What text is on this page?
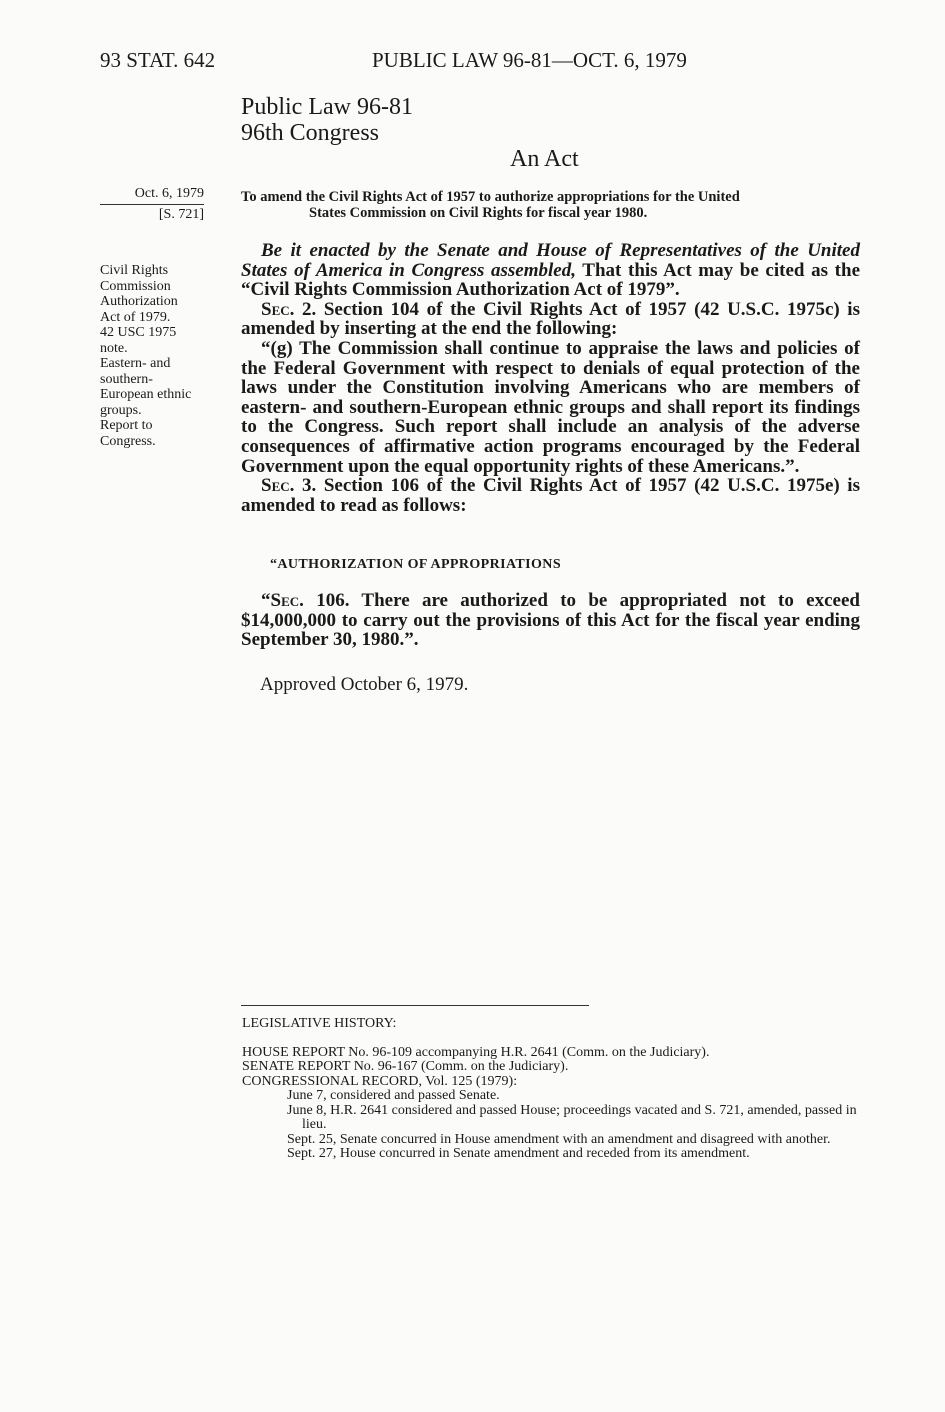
93 STAT. 642	PUBLIC LAW 96-81—OCT. 6, 1979
Public Law 96-81
96th Congress
An Act
Oct. 6, 1979
[S. 721]
Civil Rights
Commission
Authorization
Act of 1979.
42 USC 1975
note.
Eastern- and
southern-
European ethnic
groups.
Report to
Congress.
To amend the Civil Rights Act of 1957 to authorize appropriations for the United
States Commission on Civil Rights for fiscal year 1980.

Be it enacted by the Senate and House of Representatives of the United States of America in Congress assembled, That this Act may be cited as the “Civil Rights Commission Authorization Act of 1979”.

Sec. 2. Section 104 of the Civil Rights Act of 1957 (42 U.S.C. 1975c) is amended by inserting at the end the following:

“(g) The Commission shall continue to appraise the laws and policies of the Federal Government with respect to denials of equal protection of the laws under the Constitution involving Americans who are members of eastern- and southern-European ethnic groups and shall report its findings to the Congress. Such report shall include an analysis of the adverse consequences of affirmative action programs encouraged by the Federal Government upon the equal opportunity rights of these Americans.”.

Sec. 3. Section 106 of the Civil Rights Act of 1957 (42 U.S.C. 1975e) is amended to read as follows:

“AUTHORIZATION OF APPROPRIATIONS
“Sec. 106. There are authorized to be appropriated not to exceed $14,000,000 to carry out the provisions of this Act for the fiscal year ending September 30, 1980.”.
Approved October 6, 1979.
LEGISLATIVE HISTORY:
HOUSE REPORT No. 96-109 accompanying H.R. 2641 (Comm. on the Judiciary).
SENATE REPORT No. 96-167 (Comm. on the Judiciary).
CONGRESSIONAL RECORD, Vol. 125 (1979):
June 7, considered and passed Senate.
June 8, H.R. 2641 considered and passed House; proceedings vacated and S. 721, amended, passed in lieu.
Sept. 25, Senate concurred in House amendment with an amendment and disagreed with another.
Sept. 27, House concurred in Senate amendment and receded from its amendment.
